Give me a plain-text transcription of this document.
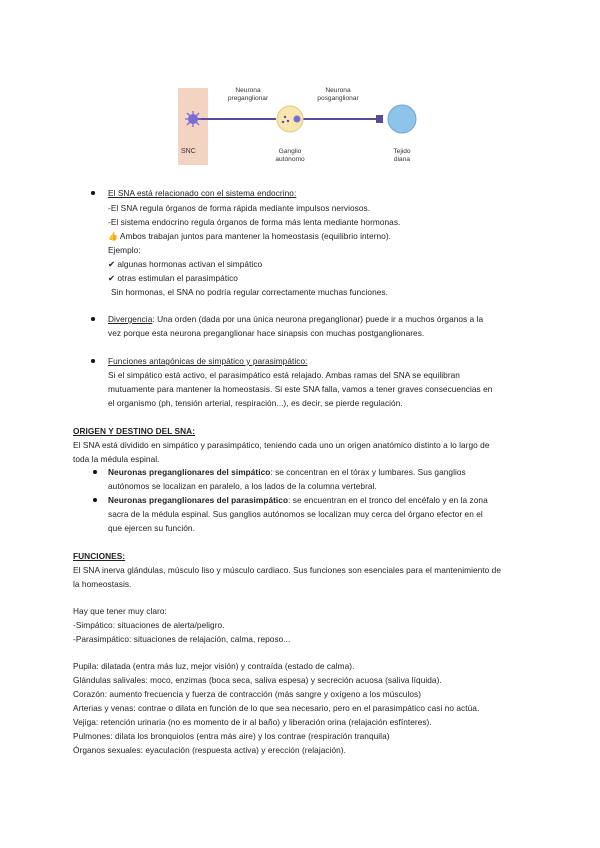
SNC
Neurona
preganglionar
Neurona
posganglionar
Ganglio
autónomo
Tejido
diana
El SNA está relacionado con el sistema endocrino:
-El SNA regula órganos de forma rápida mediante impulsos nerviosos.
-El sistema endocrino regula órganos de forma más lenta mediante hormonas.
👍 Ambos trabajan juntos para mantener la homeostasis (equilibrio interno).
Ejemplo:
✔ algunas hormonas activan el simpático
✔ otras estimulan el parasimpático
Sin hormonas, el SNA no podría regular correctamente muchas funciones.
Divergencia: Una orden (dada por una única neurona preganglionar) puede ir a muchos órganos a la
vez porque esta neurona preganglionar hace sinapsis con muchas postganglionares.
Funciones antagónicas de simpático y parasimpático:
Si el simpático está activo, el parasimpático está relajado. Ambas ramas del SNA se equilibran
mutuamente para mantener la homeostasis. Si este SNA falla, vamos a tener graves consecuencias en
el organismo (ph, tensión arterial, respiración...), es decir, se pierde regulación.
ORIGEN Y DESTINO DEL SNA:
El SNA está dividido en simpático y parasimpático, teniendo cada uno un origen anatómico distinto a lo largo de
toda la médula espinal.
Neuronas preganglionares del simpático: se concentran en el tórax y lumbares. Sus ganglios
autónomos se localizan en paralelo, a los lados de la columna vertebral.
Neuronas preganglionares del parasimpático: se encuentran en el tronco del encéfalo y en la zona
sacra de la médula espinal. Sus ganglios autónomos se localizan muy cerca del órgano efector en el
que ejercen su función.
FUNCIONES:
El SNA inerva glándulas, músculo liso y músculo cardiaco. Sus funciones son esenciales para el mantenimiento de
la homeostasis.
Hay que tener muy claro:
-Simpático: situaciones de alerta/peligro.
-Parasimpático: situaciones de relajación, calma, reposo...
Pupila: dilatada (entra más luz, mejor visión) y contraída (estado de calma).
Glándulas salivales: moco, enzimas (boca seca, saliva espesa) y secreción acuosa (saliva líquida).
Corazón: aumento frecuencia y fuerza de contracción (más sangre y oxígeno a los músculos)
Arterias y venas: contrae o dilata en función de lo que sea necesario, pero en el parasimpático casi no actúa.
Vejiga: retención urinaria (no es momento de ir al baño) y liberación orina (relajación esfínteres).
Pulmones: dilata los bronquiolos (entra más aire) y los contrae (respiración tranquila)
Órganos sexuales: eyaculación (respuesta activa) y erección (relajación).
